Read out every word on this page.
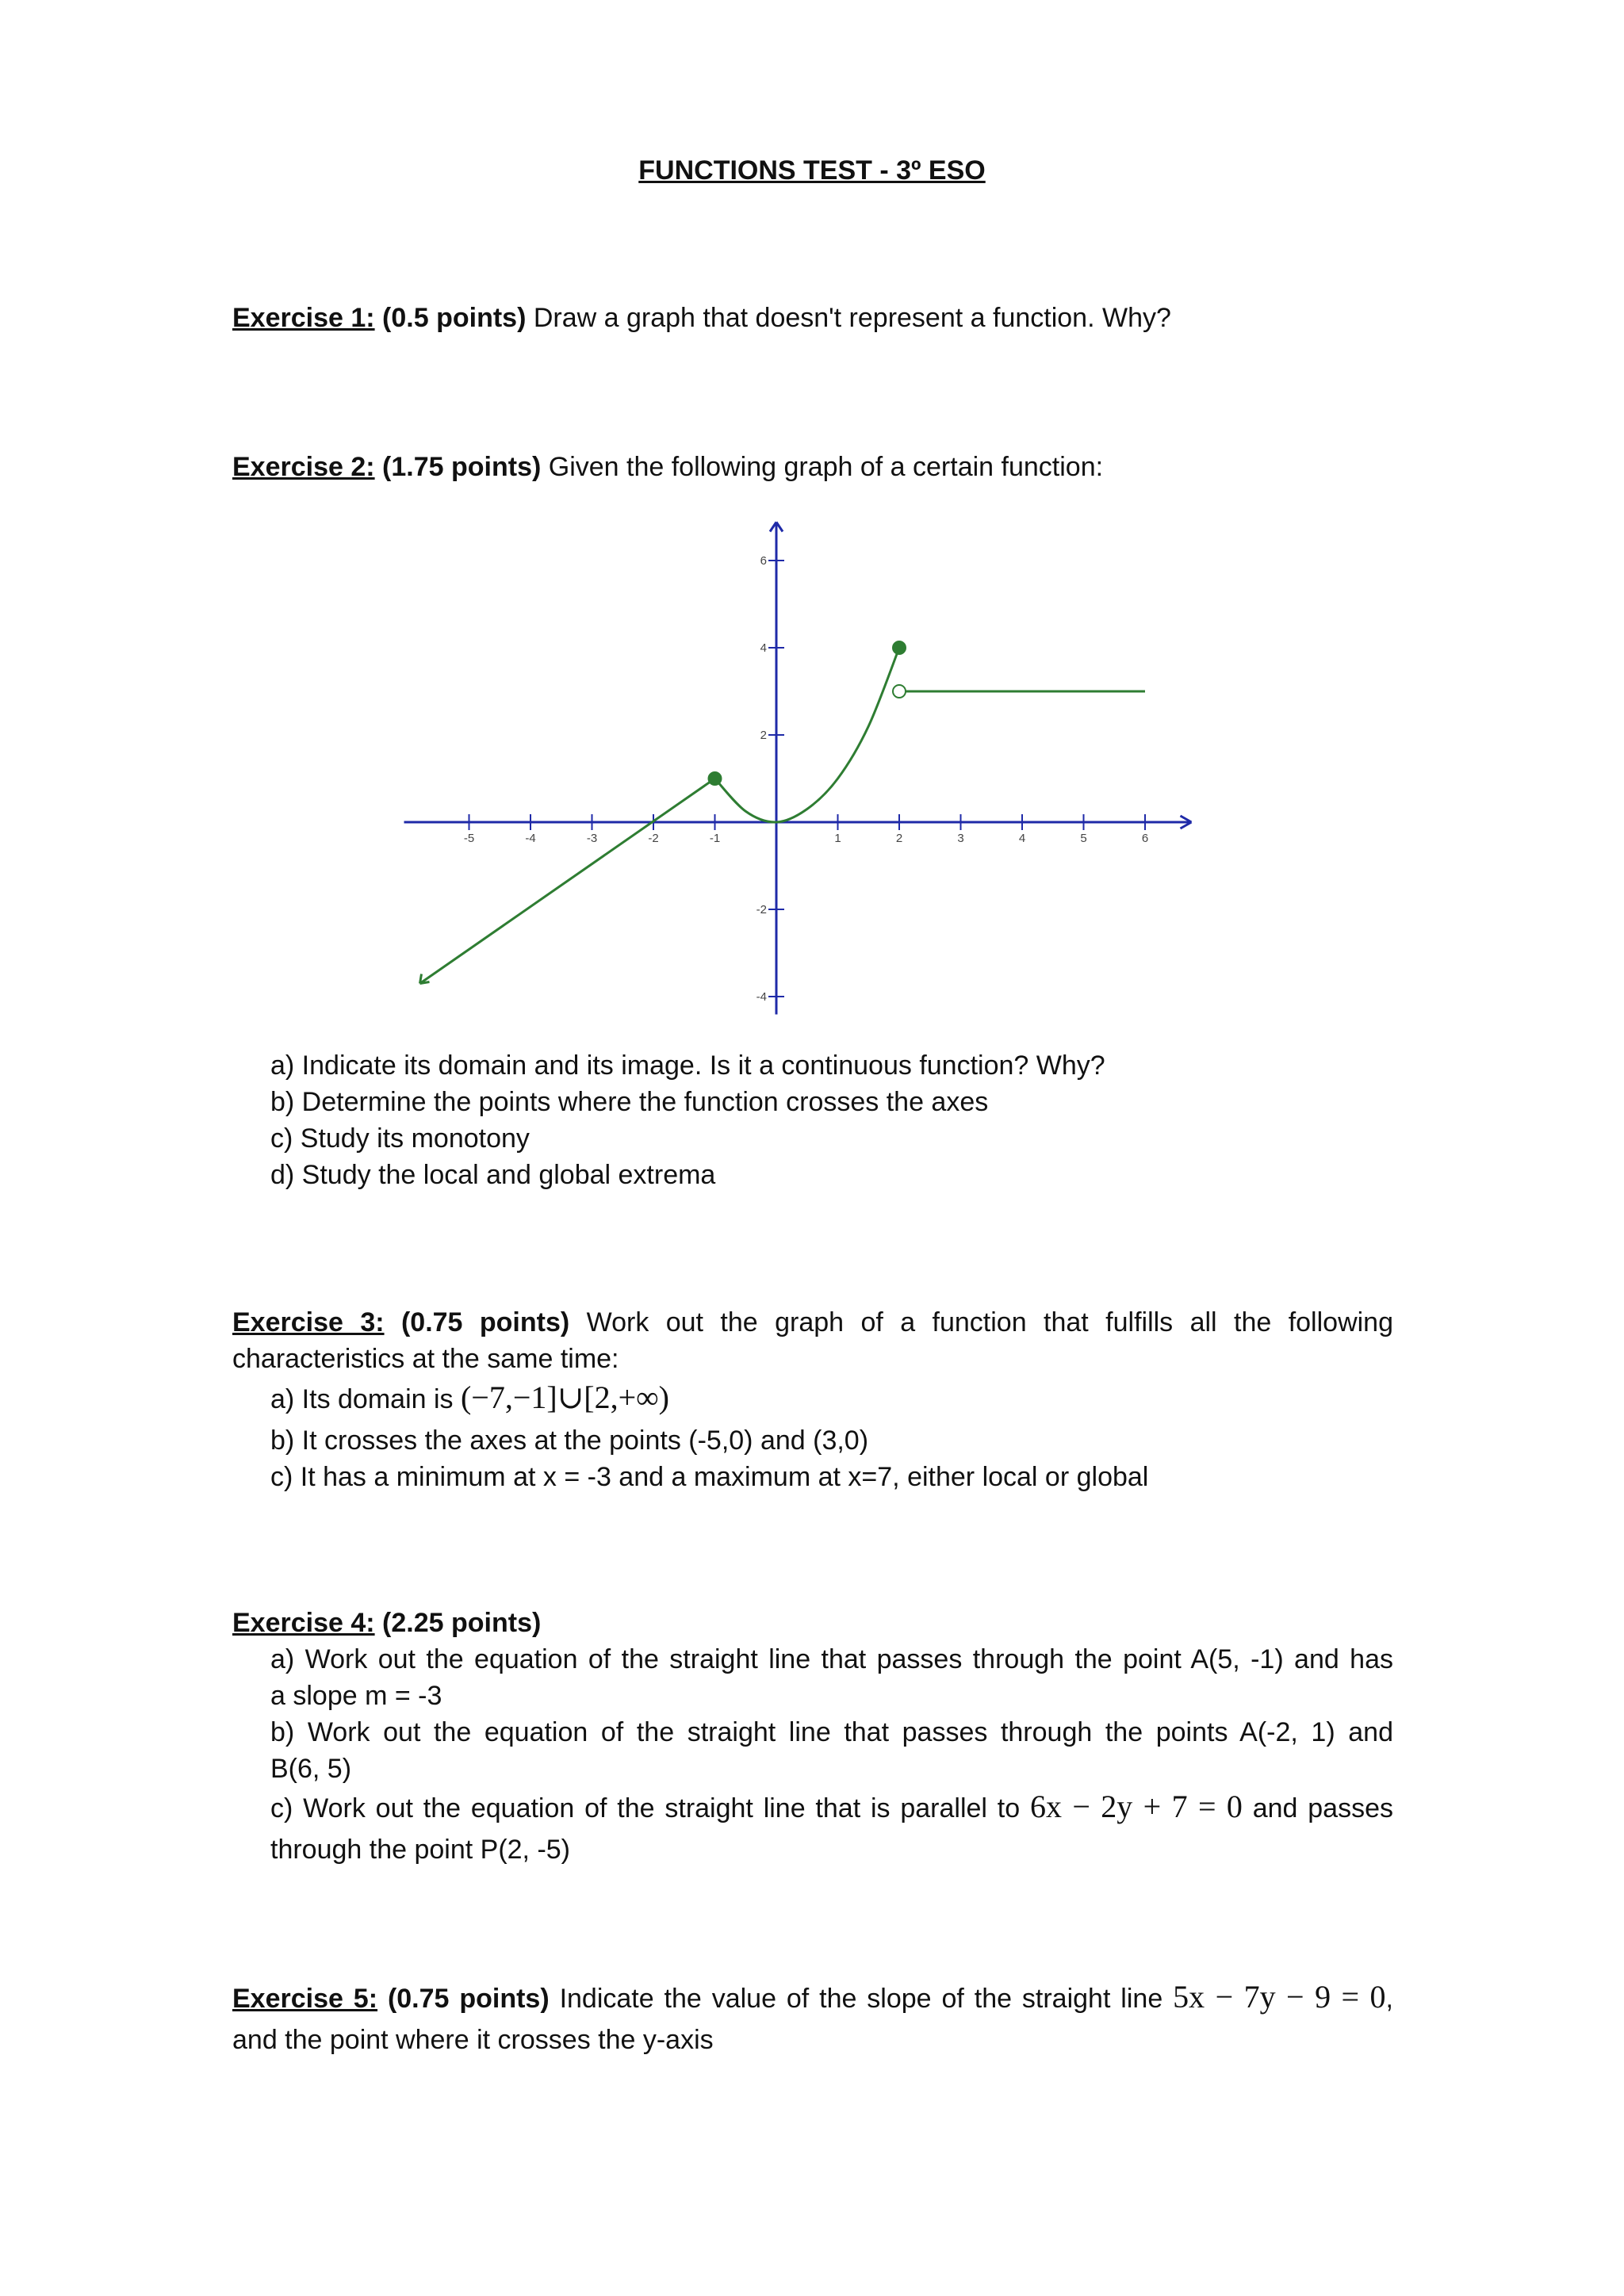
FUNCTIONS TEST - 3º ESO
Exercise 1: (0.5 points) Draw a graph that doesn't represent a function. Why?
Exercise 2: (1.75 points) Given the following graph of a certain function:
-5	-4	-3	-2	-1	1	2	3	4	5	6
6
4
2
-2
-4
a) Indicate its domain and its image. Is it a continuous function? Why?
b) Determine the points where the function crosses the axes
c) Study its monotony
d) Study the local and global extrema
Exercise 3: (0.75 points) Work out the graph of a function that fulfills all the following
characteristics at the same time:
a) Its domain is (−7,−1]∪[2,+∞)
b) It crosses the axes at the points (-5,0) and (3,0)
c) It has a minimum at x = -3 and a maximum at x=7, either local or global
Exercise 4: (2.25 points)
a) Work out the equation of the straight line that passes through the point A(5, -1) and has
a slope m = -3
b) Work out the equation of the straight line that passes through the points A(-2, 1) and
B(6, 5)
c) Work out the equation of the straight line that is parallel to 6x − 2y + 7 = 0 and passes
through the point P(2, -5)
Exercise 5: (0.75 points) Indicate the value of the slope of the straight line 5x − 7y − 9 = 0,
and the point where it crosses the y-axis
